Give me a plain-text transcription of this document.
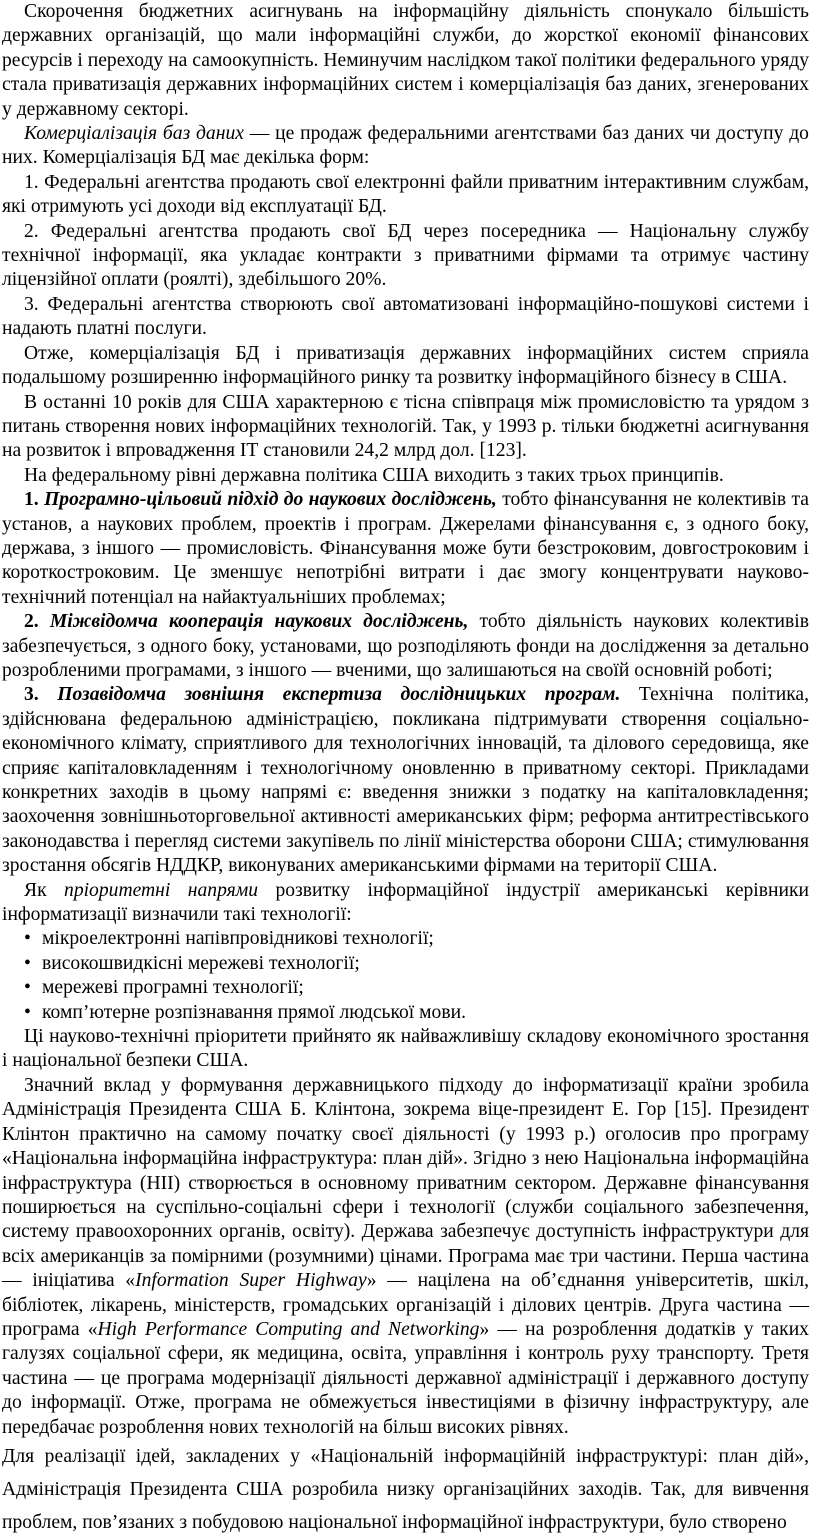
Скорочення бюджетних асигнувань на інформаційну діяльність спонукало більшість державних організацій, що мали інформаційні служби, до жорсткої економії фінансових ресурсів і переходу на самоокупність. Неминучим наслідком такої політики федерального уряду стала приватизація державних інформаційних систем і комерціалізація баз даних, згенерованих у державному секторі.

Комерціалізація баз даних — це продаж федеральними агентствами баз даних чи доступу до них. Комерціалізація БД має декілька форм:

1. Федеральні агентства продають свої електронні файли приватним інтерактивним службам, які отримують усі доходи від експлуатації БД.

2. Федеральні агентства продають свої БД через посередника — Національну службу технічної інформації, яка укладає контракти з приватними фірмами та отримує частину ліцензійної оплати (роялті), здебільшого 20%.

3. Федеральні агентства створюють свої автоматизовані інформаційно-пошукові системи і надають платні послуги.

Отже, комерціалізація БД і приватизація державних інформаційних систем сприяла подальшому розширенню інформаційного ринку та розвитку інформаційного бізнесу в США.

В останні 10 років для США характерною є тісна співпраця між промисловістю та урядом з питань створення нових інформаційних технологій. Так, у 1993 р. тільки бюджетні асигнування на розвиток і впровадження ІТ становили 24,2 млрд дол. [123].

На федеральному рівні державна політика США виходить з таких трьох принципів.

1. Програмно-цільовий підхід до наукових досліджень, тобто фінансування не колективів та установ, а наукових проблем, проектів і програм. Джерелами фінансування є, з одного боку, держава, з іншого — промисловість. Фінансування може бути безстроковим, довгостроковим і короткостроковим. Це зменшує непотрібні витрати і дає змогу концентрувати науково-технічний потенціал на найактуальніших проблемах;

2. Міжвідомча кооперація наукових досліджень, тобто діяльність наукових колективів забезпечується, з одного боку, установами, що розподіляють фонди на дослідження за детально розробленими програмами, з іншого — вченими, що залишаються на своїй основній роботі;

3. Позавідомча зовнішня експертиза дослідницьких програм. Технічна політика, здійснювана федеральною адміністрацією, покликана підтримувати створення соціально-економічного клімату, сприятливого для технологічних інновацій, та ділового середовища, яке сприяє капіталовкладенням і технологічному оновленню в приватному секторі. Прикладами конкретних заходів в цьому напрямі є: введення знижки з податку на капіталовкладення; заохочення зовнішньоторговельної активності американських фірм; реформа антитрестівського законодавства і перегляд системи закупівель по лінії міністерства оборони США; стимулювання зростання обсягів НДДКР, виконуваних американськими фірмами на території США.

Як пріоритетні напрями розвитку інформаційної індустрії американські керівники інформатизації визначили такі технології:

• мікроелектронні напівпровідникові технології;
• високошвидкісні мережеві технології;
• мережеві програмні технології;
• комп’ютерне розпізнавання прямої людської мови.

Ці науково-технічні пріоритети прийнято як найважливішу складову економічного зростання і національної безпеки США.

Значний вклад у формування державницького підходу до інформатизації країни зробила Адміністрація Президента США Б. Клінтона, зокрема віце-президент Е. Гор [15]. Президент Клінтон практично на самому початку своєї діяльності (у 1993 р.) оголосив про програму «Національна інформаційна інфраструктура: план дій». Згідно з нею Національна інформаційна інфраструктура (НІІ) створюється в основному приватним сектором. Державне фінансування поширюється на суспільно-соціальні сфери і технології (служби соціального забезпечення, систему правоохоронних органів, освіту). Держава забезпечує доступність інфраструктури для всіх американців за помірними (розумними) цінами. Програма має три частини. Перша частина — ініціатива «Information Super Highway» — націлена на об’єднання університетів, шкіл, бібліотек, лікарень, міністерств, громадських організацій і ділових центрів. Друга частина — програма «High Performance Computing and Networking» — на розроблення додатків у таких галузях соціальної сфери, як медицина, освіта, управління і контроль руху транспорту. Третя частина — це програма модернізації діяльності державної адміністрації і державного доступу до інформації. Отже, програма не обмежується інвестиціями в фізичну інфраструктуру, але передбачає розроблення нових технологій на більш високих рівнях.

Для реалізації ідей, закладених у «Національній інформаційній інфраструктурі: план дій», Адміністрація Президента США розробила низку організаційних заходів. Так, для вивчення проблем, пов’язаних з побудовою національної інформаційної інфраструктури, було створено
